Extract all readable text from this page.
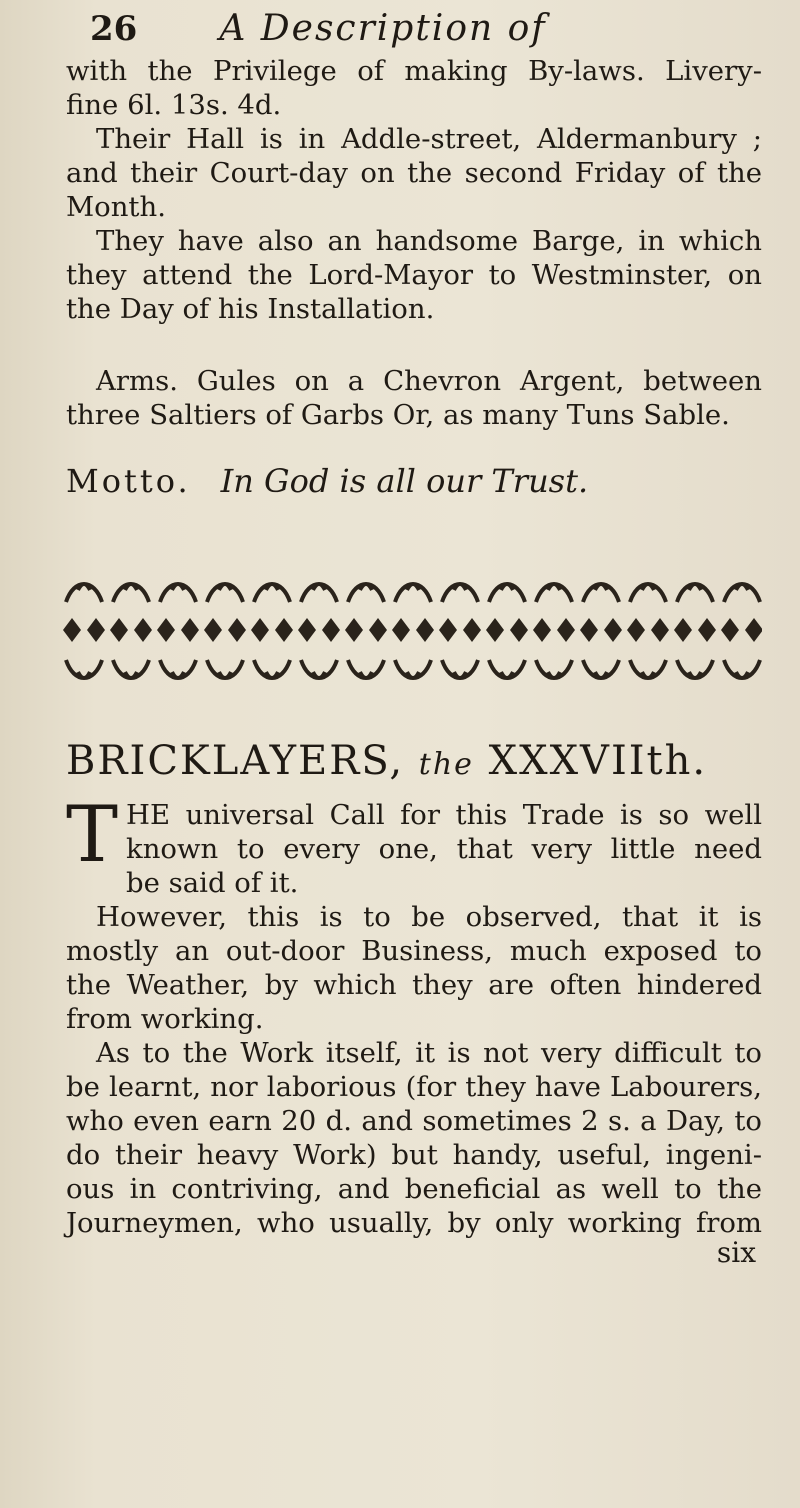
26 A Description of
with the Privilege of making By-laws. Livery-
fine 6l. 13s. 4d.
Their Hall is in Addle-street, Aldermanbury ;
and their Court-day on the second Friday of the
Month.
They have also an handsome Barge, in which
they attend the Lord-Mayor to Westminster, on
the Day of his Installation.
Arms. Gules on a Chevron Argent, between
three Saltiers of Garbs Or, as many Tuns Sable.
Motto. In God is all our Trust.
BRICKLAYERS, the XXXVIIth.
T HE universal Call for this Trade is so well
known to every one, that very little need
be said of it.
However, this is to be observed, that it is
mostly an out-door Business, much exposed to
the Weather, by which they are often hindered
from working.
As to the Work itself, it is not very difficult to
be learnt, nor laborious (for they have Labourers,
who even earn 20 d. and sometimes 2 s. a Day, to
do their heavy Work) but handy, useful, ingeni-
ous in contriving, and beneficial as well to the
Journeymen, who usually, by only working from
six
